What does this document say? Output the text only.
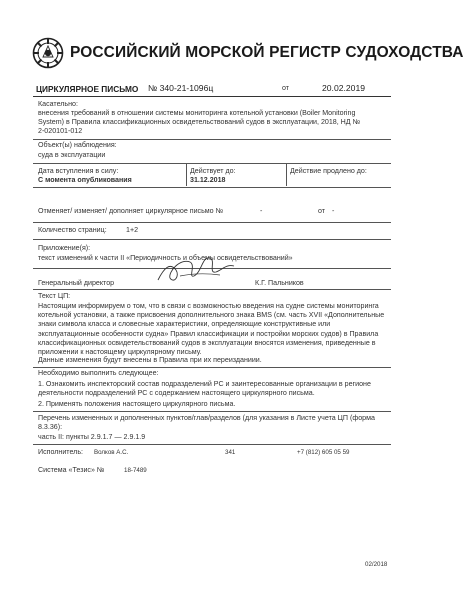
РОССИЙСКИЙ МОРСКОЙ РЕГИСТР СУДОХОДСТВА
ЦИРКУЛЯРНОЕ ПИСЬМО № 340-21-1096ц	от	20.02.2019
Касательно:
внесения требований в отношении системы мониторинга котельной установки (Boiler Monitoring System) в Правила классификационных освидетельствований судов в эксплуатации, 2018, НД № 2-020101-012
Объект(ы) наблюдения:
суда в эксплуатации
Дата вступления в силу:
С момента опубликования
Действует до:
31.12.2018
Действие продлено до:
Отменяет/ изменяет/ дополняет циркулярное письмо №	-	от -
Количество страниц:	1+2
Приложение(я):
текст изменений к части II «Периодичность и объемы освидетельствований»
Генеральный директор	К.Г. Пальников
Текст ЦП:
Настоящим информируем о том, что в связи с возможностью введения на судне системы мониторинга котельной установки, а также присвоения дополнительного знака BMS (см. часть XVII «Дополнительные знаки символа класса и словесные характеристики, определяющие конструктивные или эксплуатационные особенности судна» Правил классификации и постройки морских судов) в Правила классификационных освидетельствований судов в эксплуатации вносятся изменения, приведенные в приложении к настоящему циркулярному письму.
Данные изменения будут внесены в Правила при их переизданиии.
Необходимо выполнить следующее:
1. Ознакомить инспекторский состав подразделений РС и заинтересованные организации в регионе деятельности подразделений РС с содержанием настоящего циркулярного письма.
2. Применять положения настоящего циркулярного письма.
Перечень измененных и дополненных пунктов/глав/разделов (для указания в Листе учета ЦП (форма 8.3.36):
часть II: пункты 2.9.1.7 — 2.9.1.9
Исполнитель: Волков А.С.	341	+7 (812) 605 05 59
Система «Тезис» №	18-7489
02/2018
